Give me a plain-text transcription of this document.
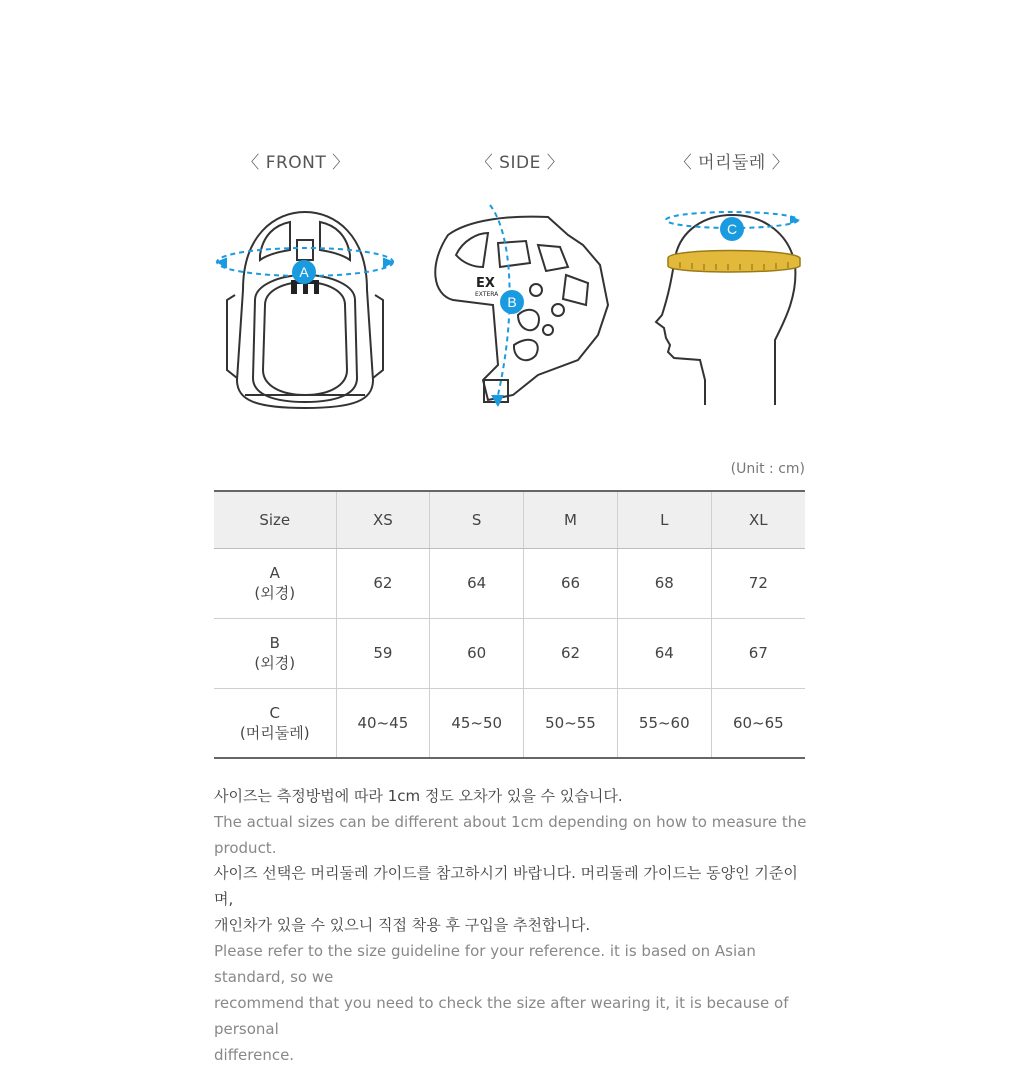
〈 FRONT 〉	〈 SIDE 〉	〈 머리둘레 〉
A
EX
EXTERA B
C
(Unit : cm)
Size	XS	S	M	L	XL

A
(외경)	62	64	66	68	72

B
(외경)	59	60	62	64	67

C
(머리둘레)	40~45	45~50	50~55	55~60	60~65
사이즈는 측정방법에 따라 1cm 정도 오차가 있을 수 있습니다.
The actual sizes can be different about 1cm depending on how to measure the product.
사이즈 선택은 머리둘레 가이드를 참고하시기 바랍니다. 머리둘레 가이드는 동양인 기준이며,
개인차가 있을 수 있으니 직접 착용 후 구입을 추천합니다.
Please refer to the size guideline for your reference. it is based on Asian standard, so we
recommend that you need to check the size after wearing it, it is because of personal
difference.
